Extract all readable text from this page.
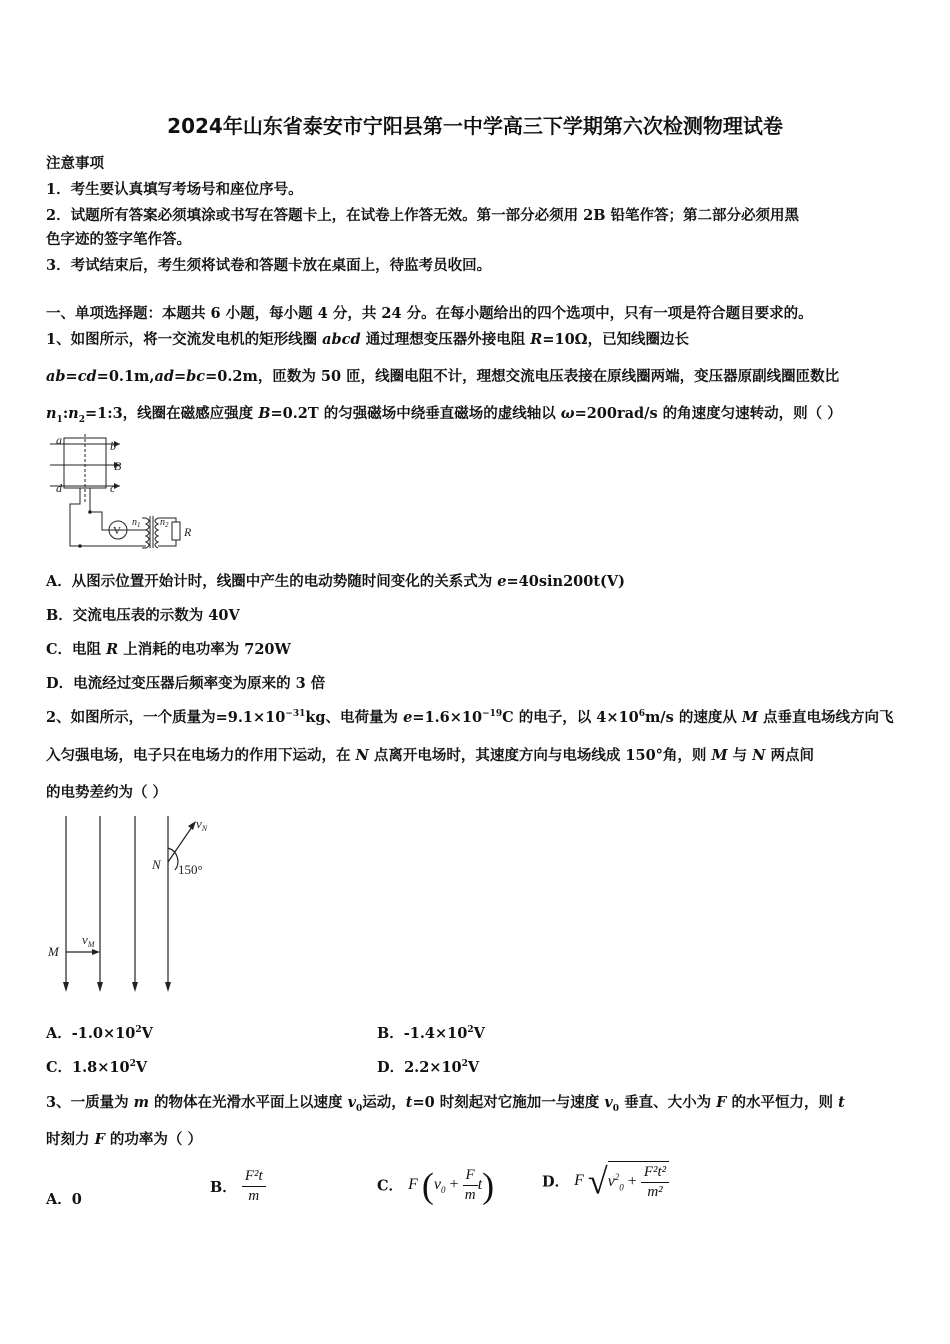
2024年山东省泰安市宁阳县第一中学高三下学期第六次检测物理试卷
注意事项
1．考生要认真填写考场号和座位序号。
2．试题所有答案必须填涂或书写在答题卡上，在试卷上作答无效。第一部分必须用 2B 铅笔作答；第二部分必须用黑
色字迹的签字笔作答。
3．考试结束后，考生须将试卷和答题卡放在桌面上，待监考员收回。
一、单项选择题：本题共 6 小题，每小题 4 分，共 24 分。在每小题给出的四个选项中，只有一项是符合题目要求的。
1、如图所示，将一交流发电机的矩形线圈 abcd 通过理想变压器外接电阻 R=10Ω，已知线圈边长
ab=cd=0.1m,ad=bc=0.2m，匝数为 50 匝，线圈电阻不计，理想交流电压表接在原线圈两端，变压器原副线圈匝数比
$n_1:n_2=1:3$，线圈在磁感应强度 B=0.2T 的匀强磁场中绕垂直磁场的虚线轴以 ω=200rad/s 的角速度匀速转动，则（ ）
a	b
B
d	c
V
$n_1$ $n_2$ R
A．从图示位置开始计时，线圈中产生的电动势随时间变化的关系式为 e=40sin200t(V)
B．交流电压表的示数为 40V
C．电阻 R 上消耗的电功率为 720W
D．电流经过变压器后频率变为原来的 3 倍
2、如图所示，一个质量为$=9.1\times 10^{-31}kg$、电荷量为 $e=1.6\times 10^{-19}C$ 的电子，以 $4\times 10^6m/s$ 的速度从 M 点垂直电场线方向飞
入匀强电场，电子只在电场力的作用下运动，在 N 点离开电场时，其速度方向与电场线成 150°角，则 M 与 N 两点间
的电势差约为（ ）
$v_N$
N 150°
M
$v_M$
A．$-1.0\times 10^2V$	B．$-1.4\times 10^2V$
C．$1.8\times 10^2V$	D．$2.2\times 10^2V$
3、一质量为 m 的物体在光滑水平面上以速度 $v_0$运动，t=0 时刻起对它施加一与速度 $v_0$ 垂直、大小为 F 的水平恒力，则 t
时刻力 F 的功率为（ ）
A．0
B． $\frac{\text{F²t}}{m}$	C． F $(v_0 + \frac{F}{m} t)$	D． F $√v^2_0 + \frac{\text{F²t²}}{\text{m²}}$
